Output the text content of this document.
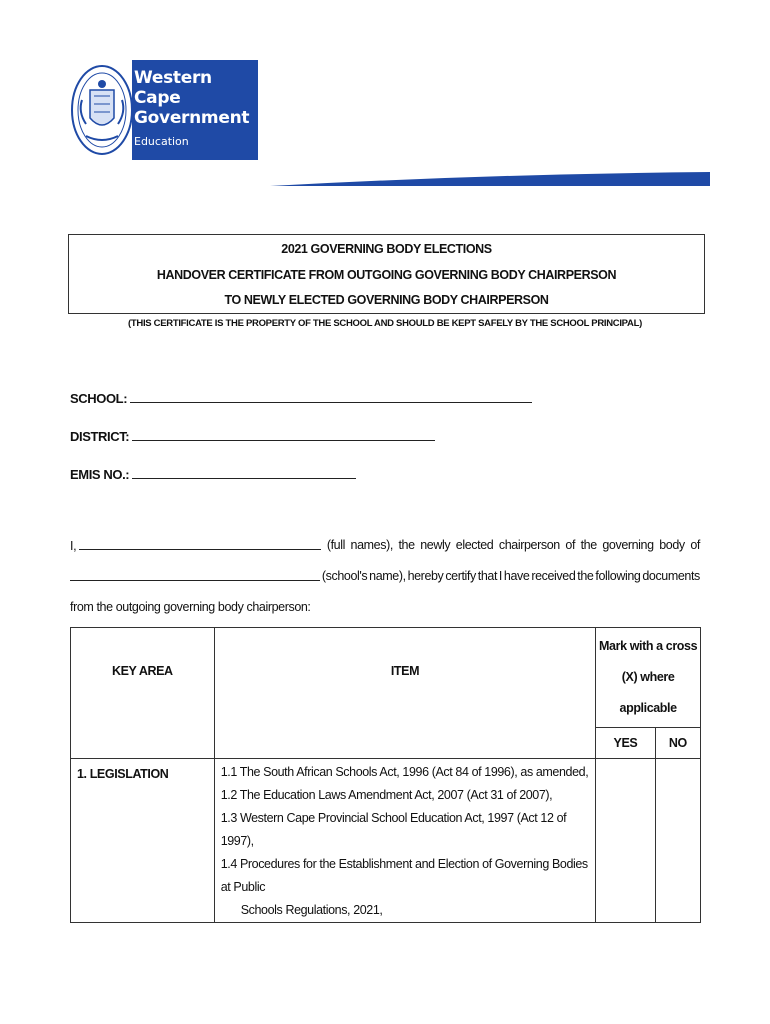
Western Cape
Government
Education
2021 GOVERNING BODY ELECTIONS
HANDOVER CERTIFICATE FROM OUTGOING GOVERNING BODY CHAIRPERSON
TO NEWLY ELECTED GOVERNING BODY CHAIRPERSON
(THIS CERTIFICATE IS THE PROPERTY OF THE SCHOOL AND SHOULD BE KEPT SAFELY BY THE SCHOOL PRINCIPAL)
SCHOOL:
DISTRICT:
EMIS NO.:
I,	(full names), the newly elected chairperson of the governing body of
(school's name), hereby certify that I have received the following documents
from the outgoing governing body chairperson:
KEY AREA	ITEM	Mark with a cross
(X) where
applicable	

		YES	NO
1. LEGISLATION	1.1 The South African Schools Act, 1996 (Act 84 of 1996), as amended,
1.2 The Education Laws Amendment Act, 2007 (Act 31 of 2007),
1.3 Western Cape Provincial School Education Act, 1997 (Act 12 of 1997),
1.4 Procedures for the Establishment and Election of Governing Bodies at Public
Schools Regulations, 2021,		
